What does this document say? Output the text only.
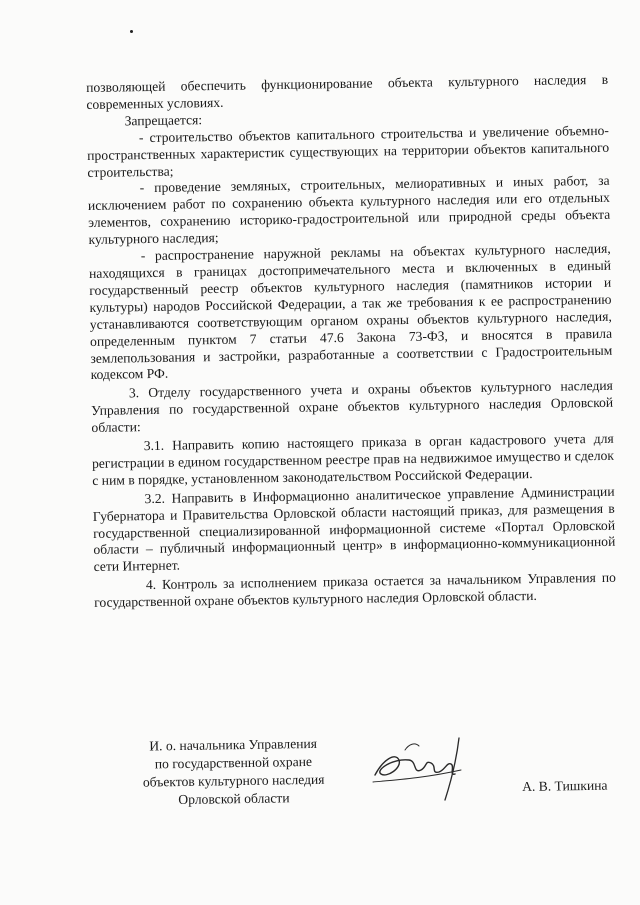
позволяющей обеспечить функционирование объекта культурного наследия в современных условиях.

Запрещается:

- строительство объектов капитального строительства и увеличение объемно-пространственных характеристик существующих на территории объектов капитального строительства;

- проведение земляных, строительных, мелиоративных и иных работ, за исключением работ по сохранению объекта культурного наследия или его отдельных элементов, сохранению историко-градостроительной или природной среды объекта культурного наследия;

- распространение наружной рекламы на объектах культурного наследия, находящихся в границах достопримечательного места и включенных в единый государственный реестр объектов культурного наследия (памятников истории и культуры) народов Российской Федерации, а так же требования к ее распространению устанавливаются соответствующим органом охраны объектов культурного наследия, определенным пунктом 7 статьи 47.6 Закона 73-ФЗ, и вносятся в правила землепользования и застройки, разработанные а соответствии с Градостроительным кодексом РФ.

3. Отделу государственного учета и охраны объектов культурного наследия Управления по государственной охране объектов культурного наследия Орловской области:

3.1. Направить копию настоящего приказа в орган кадастрового учета для регистрации в едином государственном реестре прав на недвижимое имущество и сделок с ним в порядке, установленном законодательством Российской Федерации.

3.2. Направить в Информационно аналитическое управление Администрации Губернатора и Правительства Орловской области настоящий приказ, для размещения в государственной специализированной информационной системе «Портал Орловской области – публичный информационный центр» в информационно-коммуникационной сети Интернет.

4. Контроль за исполнением приказа остается за начальником Управления по государственной охране объектов культурного наследия Орловской области.

И. о. начальника Управления
по государственной охране
объектов культурного наследия
Орловской области
А. В. Тишкина
